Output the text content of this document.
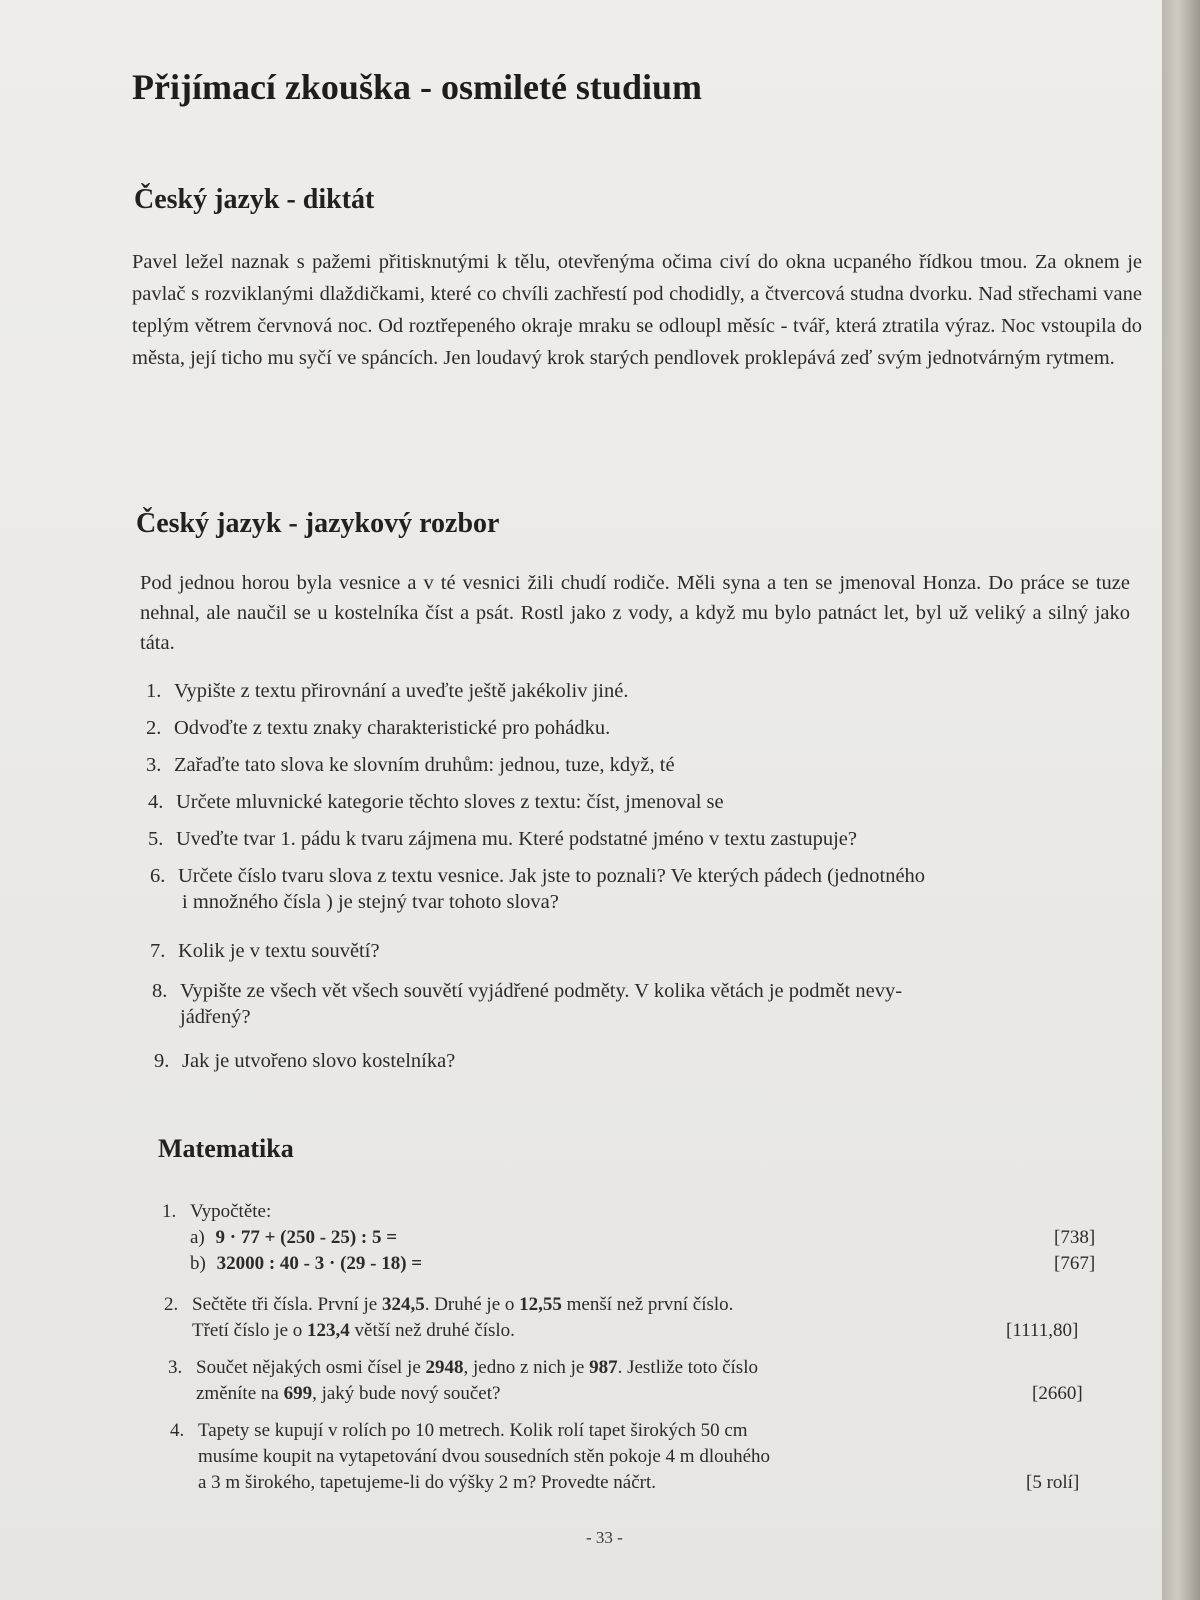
Přijímací zkouška - osmileté studium
Český jazyk - diktát

Pavel ležel naznak s pažemi přitisknutými k tělu, otevřenýma očima civí do okna ucpaného řídkou tmou. Za oknem je pavlač s rozviklanými dlaždičkami, které co chvíli zachřestí pod chodidly, a čtvercová studna dvorku. Nad střechami vane teplým větrem červnová noc. Od roztřepeného okraje mraku se odloupl měsíc - tvář, která ztratila výraz. Noc vstoupila do města, její ticho mu syčí ve spáncích. Jen loudavý krok starých pendlovek proklepává zeď svým jednotvárným rytmem.

Český jazyk - jazykový rozbor

Pod jednou horou byla vesnice a v té vesnici žili chudí rodiče. Měli syna a ten se jmenoval Honza. Do práce se tuze nehnal, ale naučil se u kostelníka číst a psát. Rostl jako z vody, a když mu bylo patnáct let, byl už veliký a silný jako táta.

1. Vypište z textu přirovnání a uveďte ještě jakékoliv jiné.
2. Odvoďte z textu znaky charakteristické pro pohádku.
3. Zařaďte tato slova ke slovním druhům: jednou, tuze, když, té
4. Určete mluvnické kategorie těchto sloves z textu: číst, jmenoval se
5. Uveďte tvar 1. pádu k tvaru zájmena mu. Které podstatné jméno v textu zastupuje?
6. Určete číslo tvaru slova z textu vesnice. Jak jste to poznali? Ve kterých pádech (jednotného
i množného čísla ) je stejný tvar tohoto slova?
7. Kolik je v textu souvětí?
8. Vypište ze všech vět všech souvětí vyjádřené podměty. V kolika větách je podmět nevy-
jádřený?
9. Jak je utvořeno slovo kostelníka?
Matematika
1. Vypočtěte:
a) 9 · 77 + (250 - 25) : 5 =	[738]
b) 32000 : 40 - 3 · (29 - 18) =	[767]
2. Sečtěte tři čísla. První je 324,5. Druhé je o 12,55 menší než první číslo.
Třetí číslo je o 123,4 větší než druhé číslo.	[1111,80]
3. Součet nějakých osmi čísel je 2948, jedno z nich je 987. Jestliže toto číslo
změníte na 699, jaký bude nový součet?	[2660]
4. Tapety se kupují v rolích po 10 metrech. Kolik rolí tapet širokých 50 cm
musíme koupit na vytapetování dvou sousedních stěn pokoje 4 m dlouhého
a 3 m širokého, tapetujeme-li do výšky 2 m? Provedte náčrt.	[5 rolí]
- 33 -
